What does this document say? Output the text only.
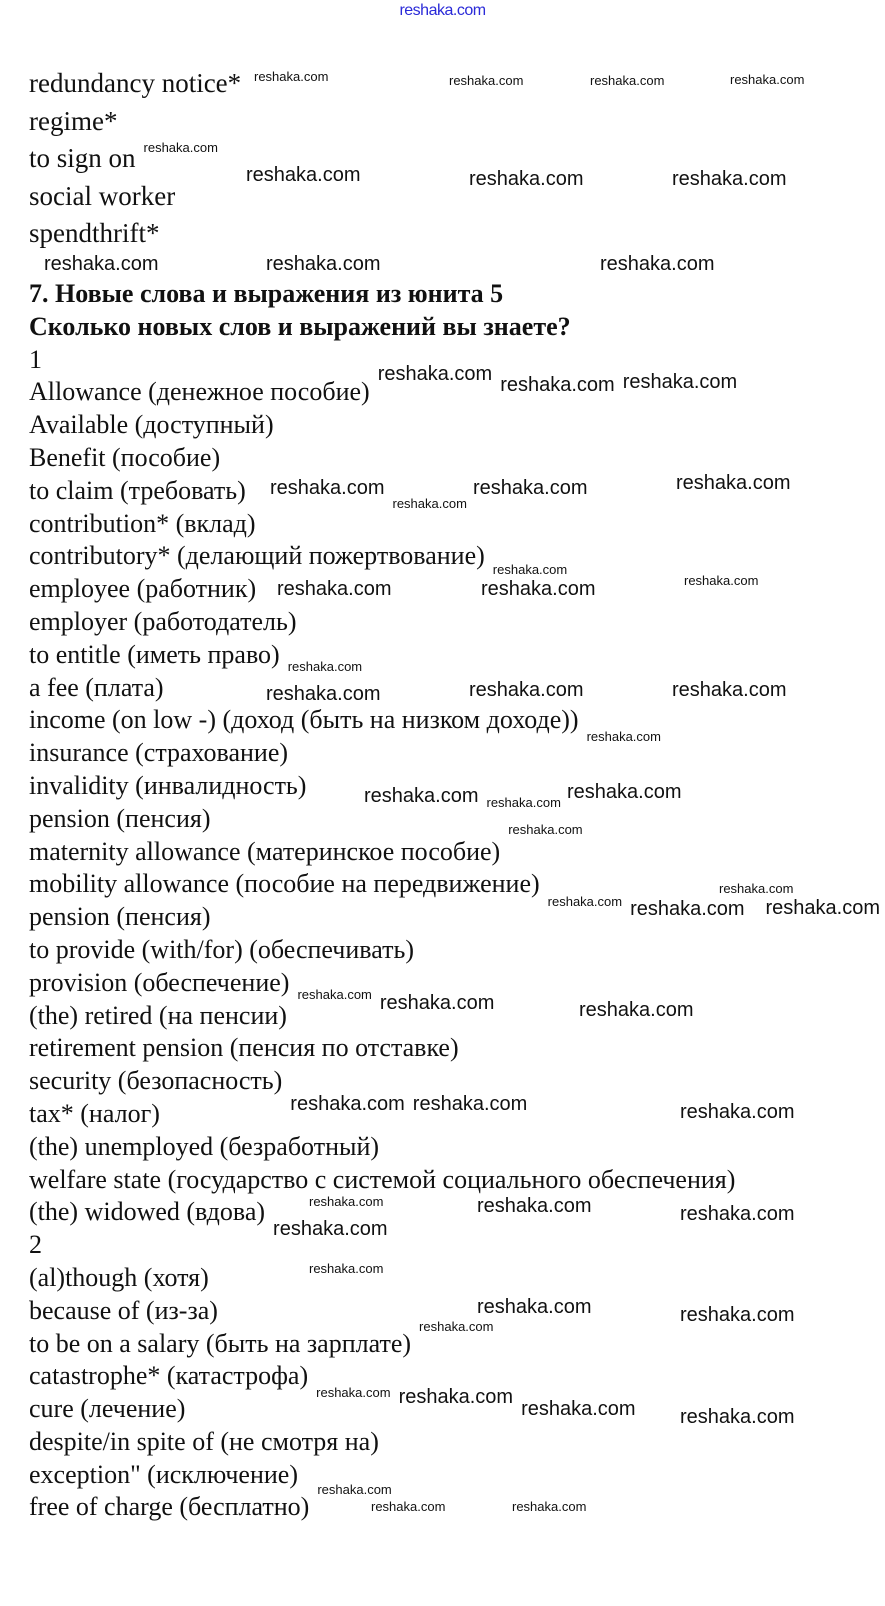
reshaka.com
redundancy notice*
regime*
to sign on
social worker
spendthrift*
7. Новые слова и выражения из юнита 5
Сколько новых слов и выражений вы знаете?
1
Allowance (денежное пособие)
Available (доступный)
Benefit (пособие)
to claim (требовать)
contribution* (вклад)
contributory* (делающий пожертвование)
employee (работник)
employer (работодатель)
to entitle (иметь право)
a fee (плата)
income (on low -) (доход (быть на низком доходе))
insurance (страхование)
invalidity (инвалидность)
pension (пенсия)
maternity allowance (материнское пособие)
mobility allowance (пособие на передвижение)
pension (пенсия)
to provide (with/for) (обеспечивать)
provision (обеспечение)
(the) retired (на пенсии)
retirement pension (пенсия по отставке)
security (безопасность)
tax* (налог)
(the) unemployed (безработный)
welfare state (государство с системой социального обеспечения)
(the) widowed (вдова)
2
(al)though (хотя)
because of (из-за)
to be on a salary (быть на зарплате)
catastrophe* (катастрофа)
cure (лечение)
despite/in spite of (не смотря на)
exception" (исключение)
free of charge (бесплатно)
reshaka.com	reshaka.com	reshaka.com	reshaka.com
reshaka.com
reshaka.com	reshaka.com	reshaka.com
reshaka.com	reshaka.com	reshaka.com
reshaka.com reshaka.com reshaka.com
reshaka.com	reshaka.com	reshaka.com
reshaka.com
reshaka.com
reshaka.com	reshaka.com	reshaka.com
reshaka.com
reshaka.com	reshaka.com	reshaka.com
reshaka.com
reshaka.com	reshaka.com
reshaka.com
reshaka.com
reshaka.com
reshaka.com	reshaka.com
reshaka.com
reshaka.com reshaka.com	reshaka.com
reshaka.com reshaka.com	reshaka.com
reshaka.com	reshaka.com
reshaka.com
reshaka.com
reshaka.com
reshaka.com	reshaka.com
reshaka.com
reshaka.com reshaka.com
reshaka.com reshaka.com
reshaka.com
reshaka.com	reshaka.com
